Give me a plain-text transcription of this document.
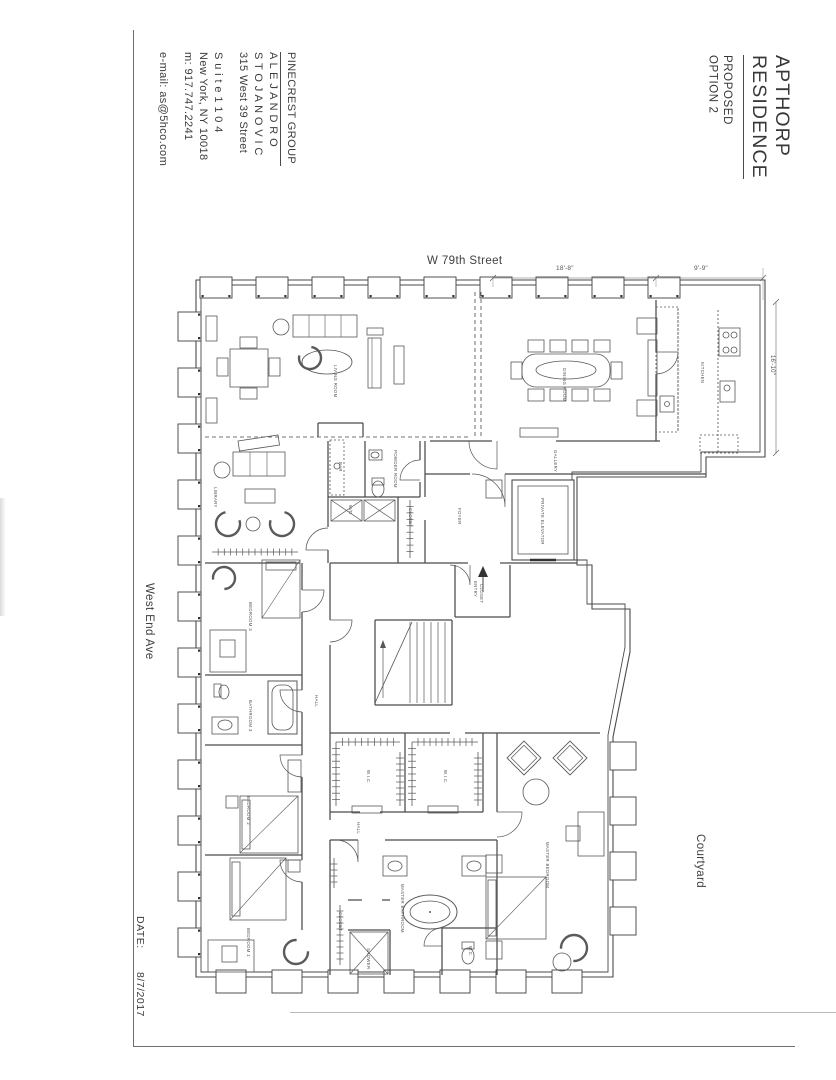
APTHORP
RESIDENCE
PROPOSED
OPTION 2
PINECREST GROUP
A L E J A N D R O
S T O J A N O V I C
315 West 39 Street
S u i t e 1 1 0 4
New York, NY 10018
m: 917.747.2241
e-mail: as@5hco.com
W 79th Street
West End Ave
Courtyard
DATE:
8/7/2017
18'-8"	9'-9"
16'-10"
LIVING ROOM	DINING ROOM	KITCHEN
GALLERY
LIBRARY
BAR	POWDER ROOM
FOYER	PRIVATE ELEVATOR
CLOSET
W/D	CLOSET
BEDROOM 3
BATHROOM 3	HALL
BEDROOM 2
BEDROOM 1
W.I.C.	W.I.C.
HALL
MASTER BEDROOM
MASTER BATHROOM
W.C.
SHOWER
CLOSET
ENTRY
